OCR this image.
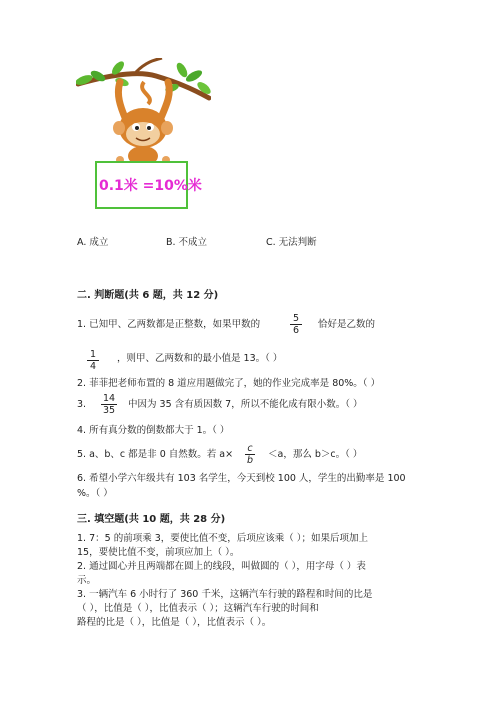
0.1米 =10%米
A. 成立	B. 不成立	C. 无法判断
二. 判断题(共 6 题，共 12 分)
1. 已知甲、乙两数都是正整数，如果甲数的
5
6
恰好是乙数的
1
4
，则甲、乙两数和的最小值是 13。（ ）
2. 菲菲把老师布置的 8 道应用题做完了，她的作业完成率是 80%。（ ）
3.
14
35
中因为 35 含有质因数 7，所以不能化成有限小数。（ ）
4. 所有真分数的倒数都大于 1。（ ）
5. a、b、c 都是非 0 自然数。若 a×
c
b
＜a，那么 b＞c。（ ）
6. 希望小学六年级共有 103 名学生，今天到校 100 人，学生的出勤率是 100
%。（ ）
三. 填空题(共 10 题，共 28 分)
1. 7：5 的前项乘 3，要使比值不变，后项应该乘（ ）；如果后项加上
15，要使比值不变，前项应加上（ ）。
2. 通过圆心并且两端都在圆上的线段，叫做圆的（ ），用字母（ ）表
示。
3. 一辆汽车 6 小时行了 360 千米，这辆汽车行驶的路程和时间的比是
（ ），比值是（ ），比值表示（ ）；这辆汽车行驶的时间和
路程的比是（ ），比值是（ ），比值表示（ ）。
